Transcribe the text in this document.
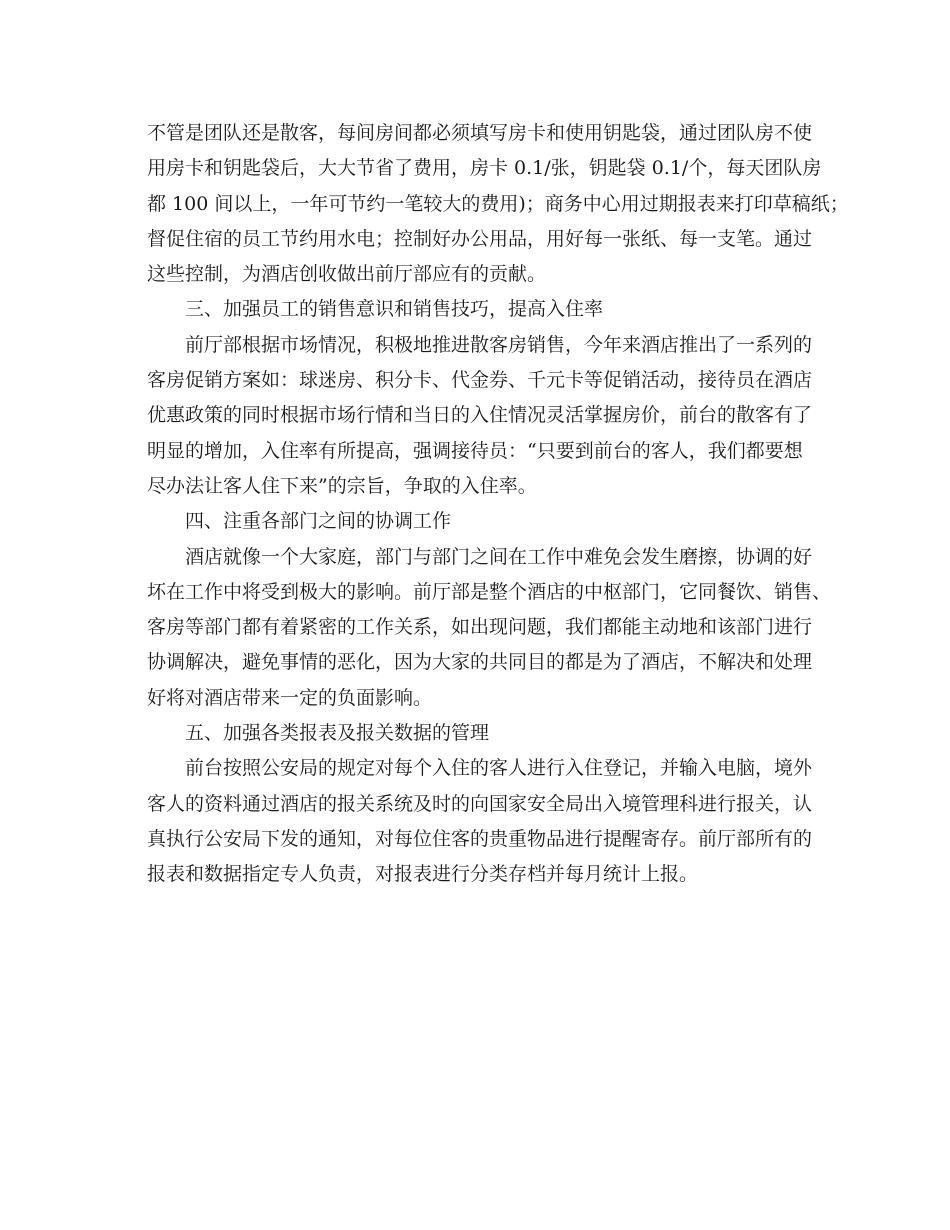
不管是团队还是散客，每间房间都必须填写房卡和使用钥匙袋，通过团队房不使
用房卡和钥匙袋后，大大节省了费用，房卡 0.1/张，钥匙袋 0.1/个，每天团队房
都 100 间以上，一年可节约一笔较大的费用)；商务中心用过期报表来打印草稿纸；
督促住宿的员工节约用水电；控制好办公用品，用好每一张纸、每一支笔。通过
这些控制，为酒店创收做出前厅部应有的贡献。
三、加强员工的销售意识和销售技巧，提高入住率
前厅部根据市场情况，积极地推进散客房销售，今年来酒店推出了一系列的
客房促销方案如：球迷房、积分卡、代金券、千元卡等促销活动，接待员在酒店
优惠政策的同时根据市场行情和当日的入住情况灵活掌握房价，前台的散客有了
明显的增加，入住率有所提高，强调接待员：“只要到前台的客人，我们都要想
尽办法让客人住下来”的宗旨，争取的入住率。
四、注重各部门之间的协调工作
酒店就像一个大家庭，部门与部门之间在工作中难免会发生磨擦，协调的好
坏在工作中将受到极大的影响。前厅部是整个酒店的中枢部门，它同餐饮、销售、
客房等部门都有着紧密的工作关系，如出现问题，我们都能主动地和该部门进行
协调解决，避免事情的恶化，因为大家的共同目的都是为了酒店，不解决和处理
好将对酒店带来一定的负面影响。
五、加强各类报表及报关数据的管理
前台按照公安局的规定对每个入住的客人进行入住登记，并输入电脑，境外
客人的资料通过酒店的报关系统及时的向国家安全局出入境管理科进行报关，认
真执行公安局下发的通知，对每位住客的贵重物品进行提醒寄存。前厅部所有的
报表和数据指定专人负责，对报表进行分类存档并每月统计上报。
